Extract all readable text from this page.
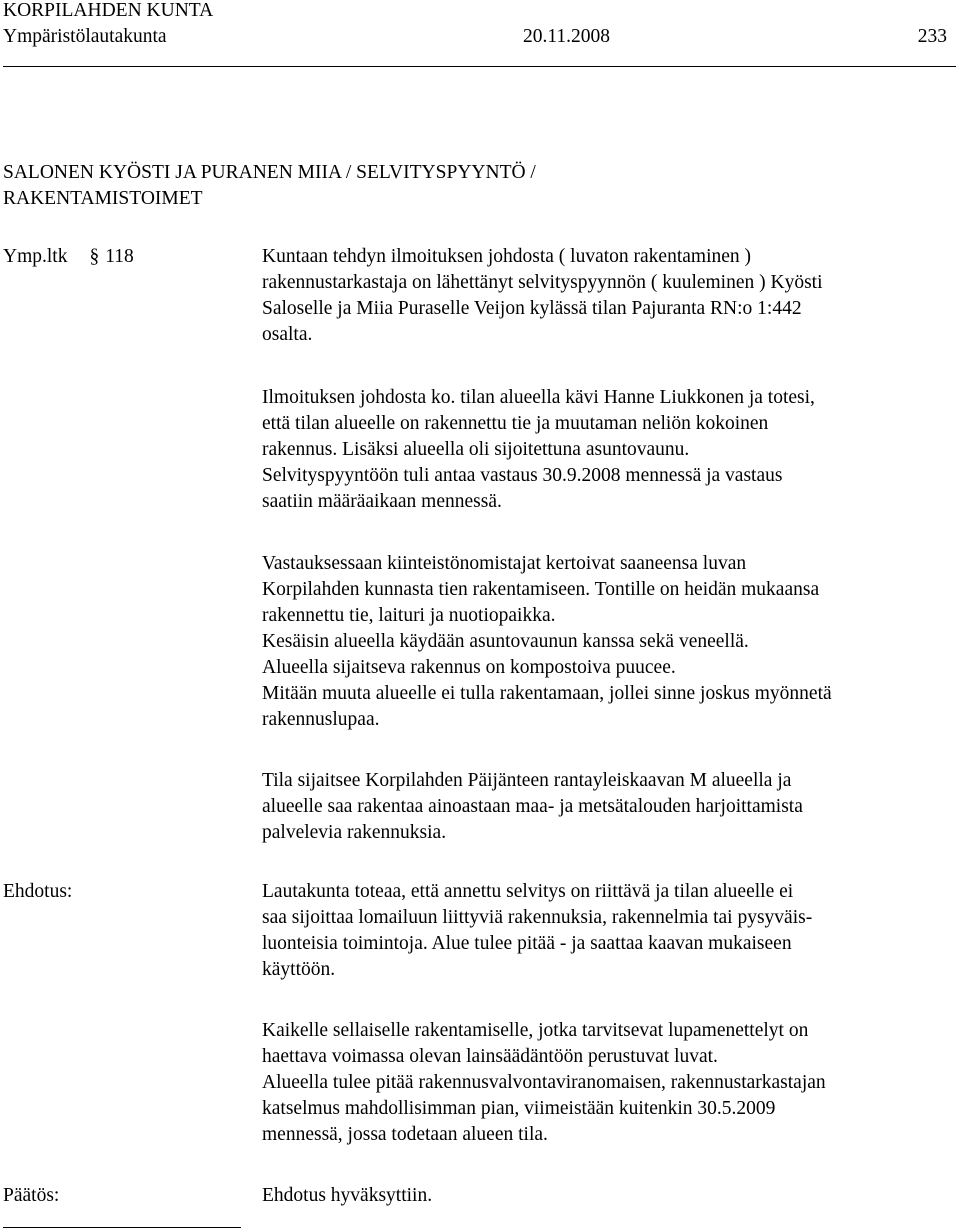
KORPILAHDEN KUNTA
Ympäristölautakunta	20.11.2008	233
SALONEN KYÖSTI JA PURANEN MIIA / SELVITYSPYYNTÖ /
RAKENTAMISTOIMET
Ymp.ltk § 118	Kuntaan tehdyn ilmoituksen johdosta ( luvaton rakentaminen )
rakennustarkastaja on lähettänyt selvityspyynnön ( kuuleminen ) Kyösti
Saloselle ja Miia Puraselle Veijon kylässä tilan Pajuranta RN:o 1:442
osalta.
Ilmoituksen johdosta ko. tilan alueella kävi Hanne Liukkonen ja totesi,
että tilan alueelle on rakennettu tie ja muutaman neliön kokoinen
rakennus. Lisäksi alueella oli sijoitettuna asuntovaunu.
Selvityspyyntöön tuli antaa vastaus 30.9.2008 mennessä ja vastaus
saatiin määräaikaan mennessä.
Vastauksessaan kiinteistönomistajat kertoivat saaneensa luvan
Korpilahden kunnasta tien rakentamiseen. Tontille on heidän mukaansa
rakennettu tie, laituri ja nuotiopaikka.
Kesäisin alueella käydään asuntovaunun kanssa sekä veneellä.
Alueella sijaitseva rakennus on kompostoiva puucee.
Mitään muuta alueelle ei tulla rakentamaan, jollei sinne joskus myönnetä
rakennuslupaa.
Tila sijaitsee Korpilahden Päijänteen rantayleiskaavan M alueella ja
alueelle saa rakentaa ainoastaan maa- ja metsätalouden harjoittamista
palvelevia rakennuksia.
Ehdotus:	Lautakunta toteaa, että annettu selvitys on riittävä ja tilan alueelle ei
saa sijoittaa lomailuun liittyviä rakennuksia, rakennelmia tai pysyväis-
luonteisia toimintoja. Alue tulee pitää - ja saattaa kaavan mukaiseen
käyttöön.
Kaikelle sellaiselle rakentamiselle, jotka tarvitsevat lupamenettelyt on
haettava voimassa olevan lainsäädäntöön perustuvat luvat.
Alueella tulee pitää rakennusvalvontaviranomaisen, rakennustarkastajan
katselmus mahdollisimman pian, viimeistään kuitenkin 30.5.2009
mennessä, jossa todetaan alueen tila.
Päätös:	Ehdotus hyväksyttiin.
